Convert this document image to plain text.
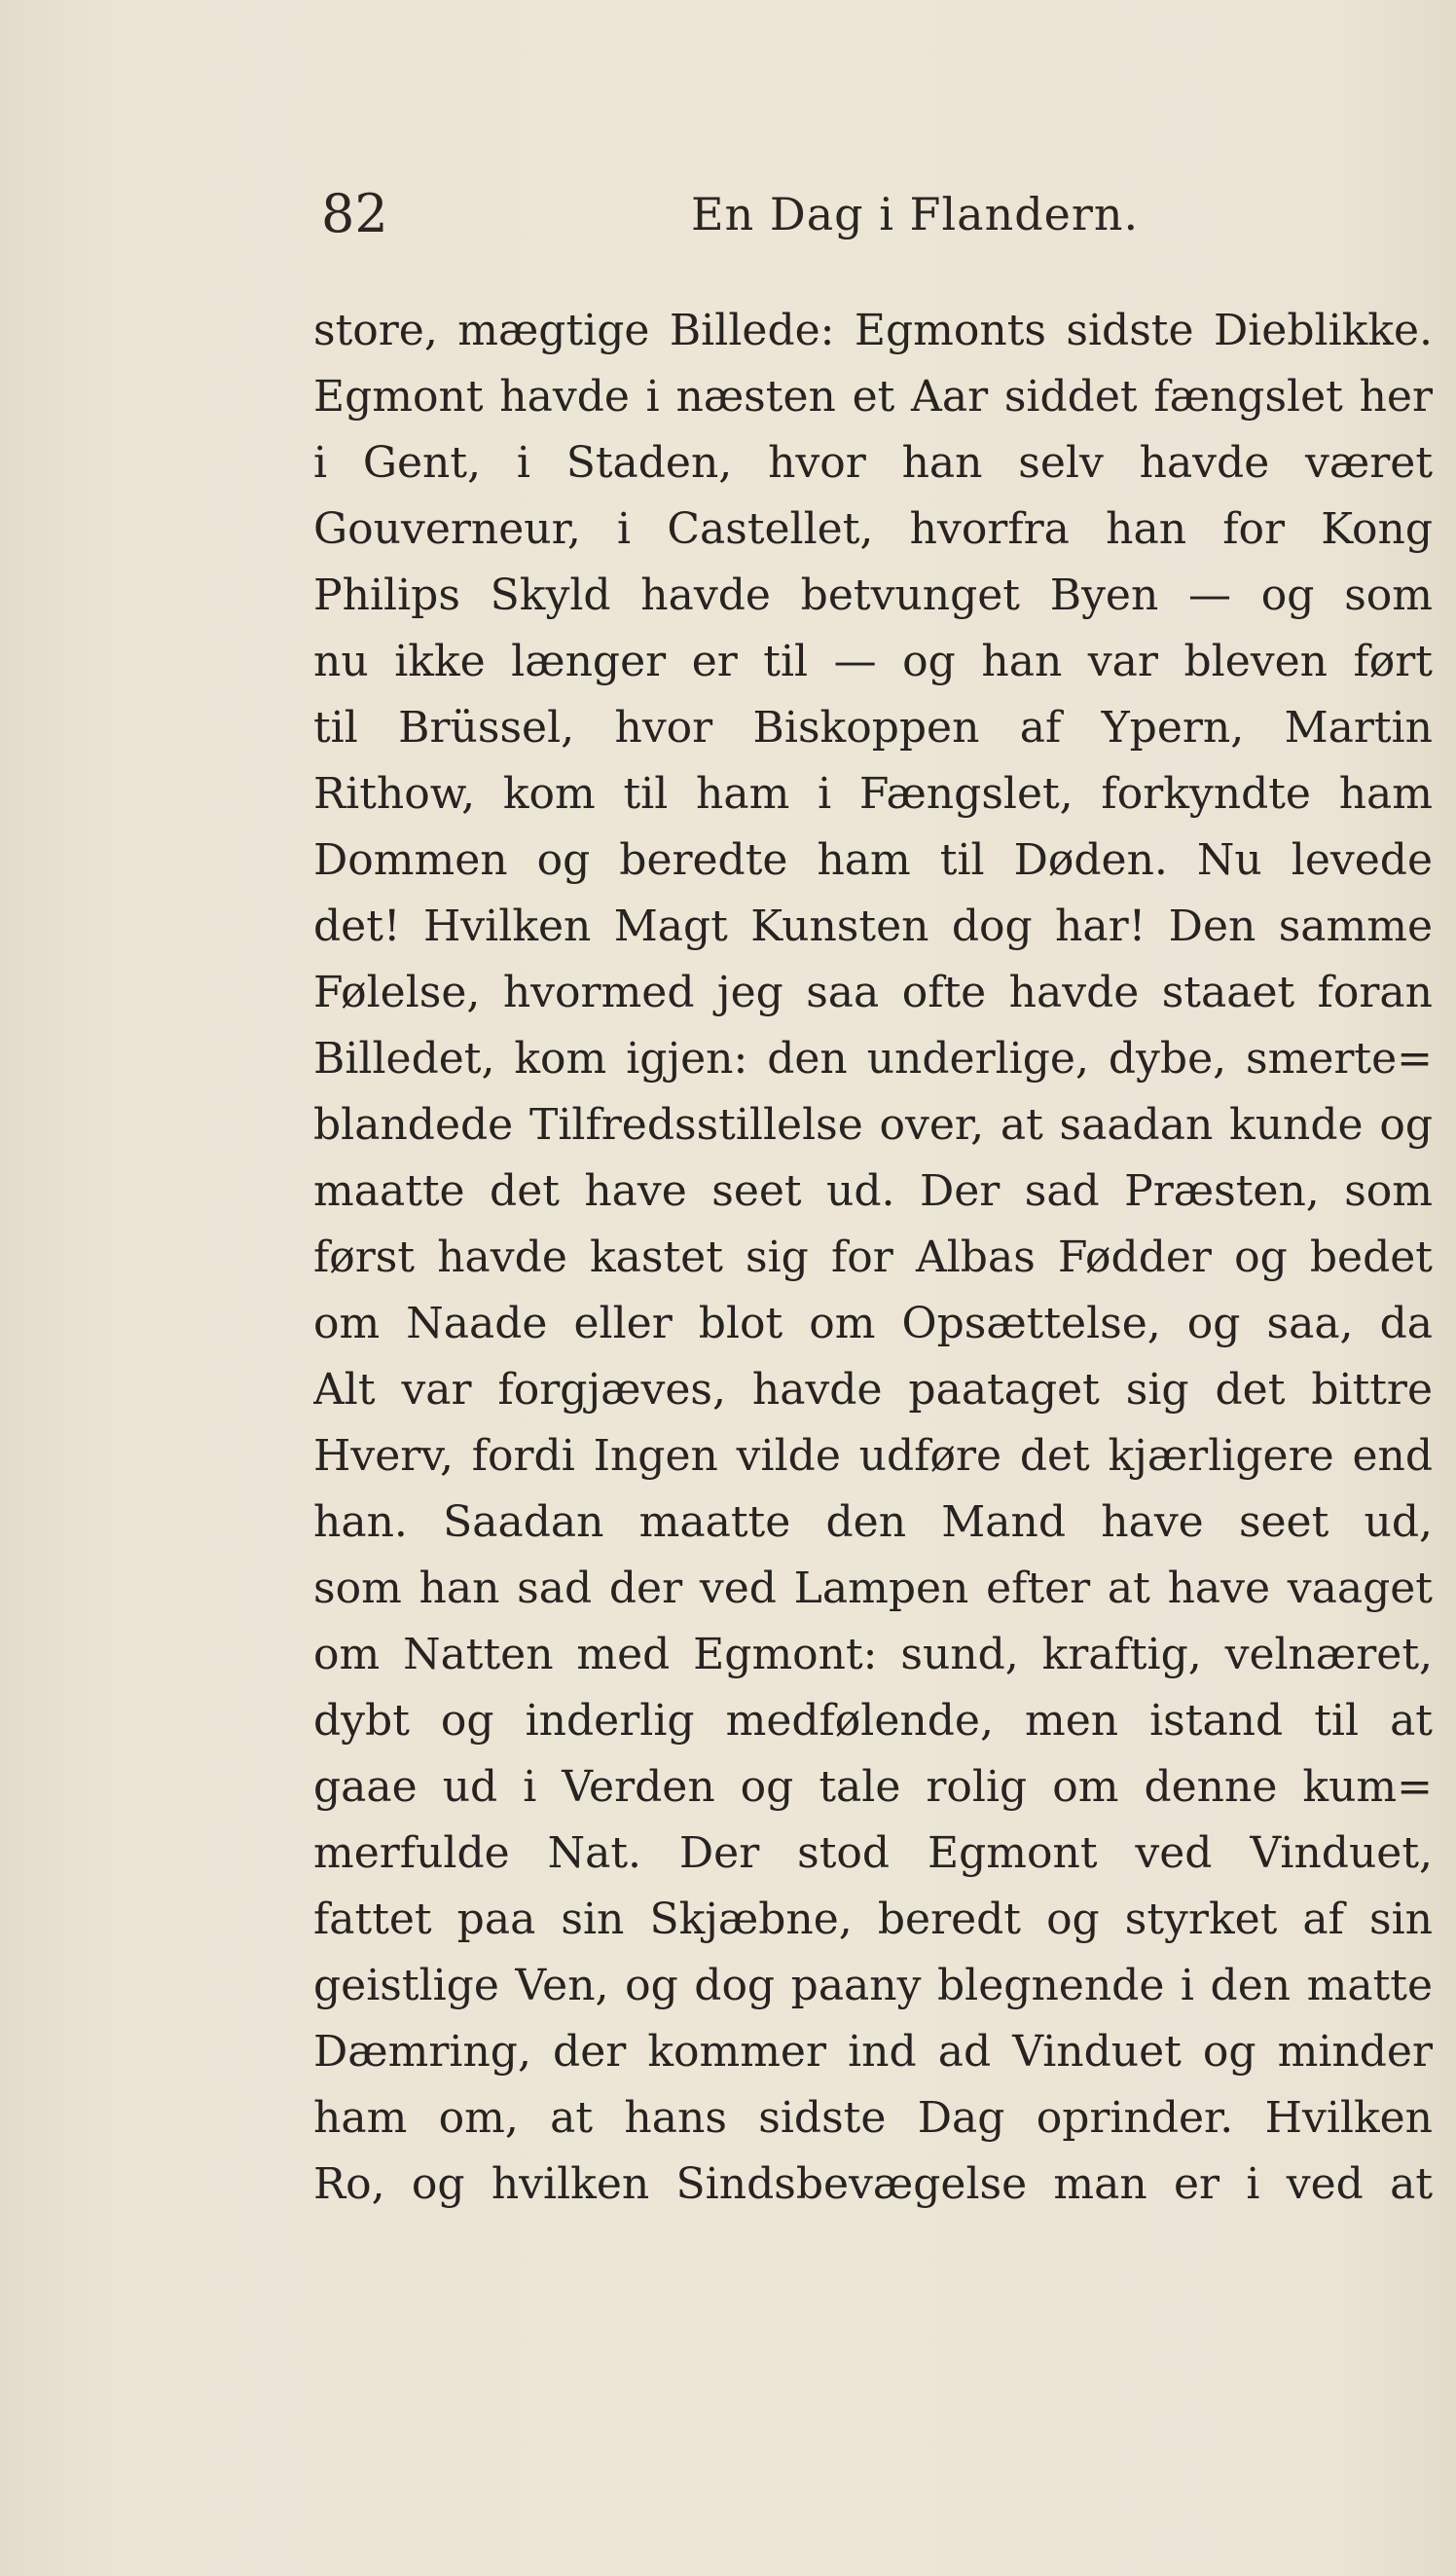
82	En Dag i Flandern.
store, mægtige Billede: Egmonts sidste Dieblikke.
Egmont havde i næsten et Aar siddet fængslet her
i Gent, i Staden, hvor han selv havde været
Gouverneur, i Castellet, hvorfra han for Kong
Philips Skyld havde betvunget Byen — og som
nu ikke længer er til — og han var bleven ført
til Brüssel, hvor Biskoppen af Ypern, Martin
Rithow, kom til ham i Fængslet, forkyndte ham
Dommen og beredte ham til Døden. Nu levede
det! Hvilken Magt Kunsten dog har! Den samme
Følelse, hvormed jeg saa ofte havde staaet foran
Billedet, kom igjen: den underlige, dybe, smerte=
blandede Tilfredsstillelse over, at saadan kunde og
maatte det have seet ud. Der sad Præsten, som
først havde kastet sig for Albas Fødder og bedet
om Naade eller blot om Opsættelse, og saa, da
Alt var forgjæves, havde paataget sig det bittre
Hverv, fordi Ingen vilde udføre det kjærligere end
han. Saadan maatte den Mand have seet ud,
som han sad der ved Lampen efter at have vaaget
om Natten med Egmont: sund, kraftig, velnæret,
dybt og inderlig medfølende, men istand til at
gaae ud i Verden og tale rolig om denne kum=
merfulde Nat. Der stod Egmont ved Vinduet,
fattet paa sin Skjæbne, beredt og styrket af sin
geistlige Ven, og dog paany blegnende i den matte
Dæmring, der kommer ind ad Vinduet og minder
ham om, at hans sidste Dag oprinder. Hvilken
Ro, og hvilken Sindsbevægelse man er i ved at
